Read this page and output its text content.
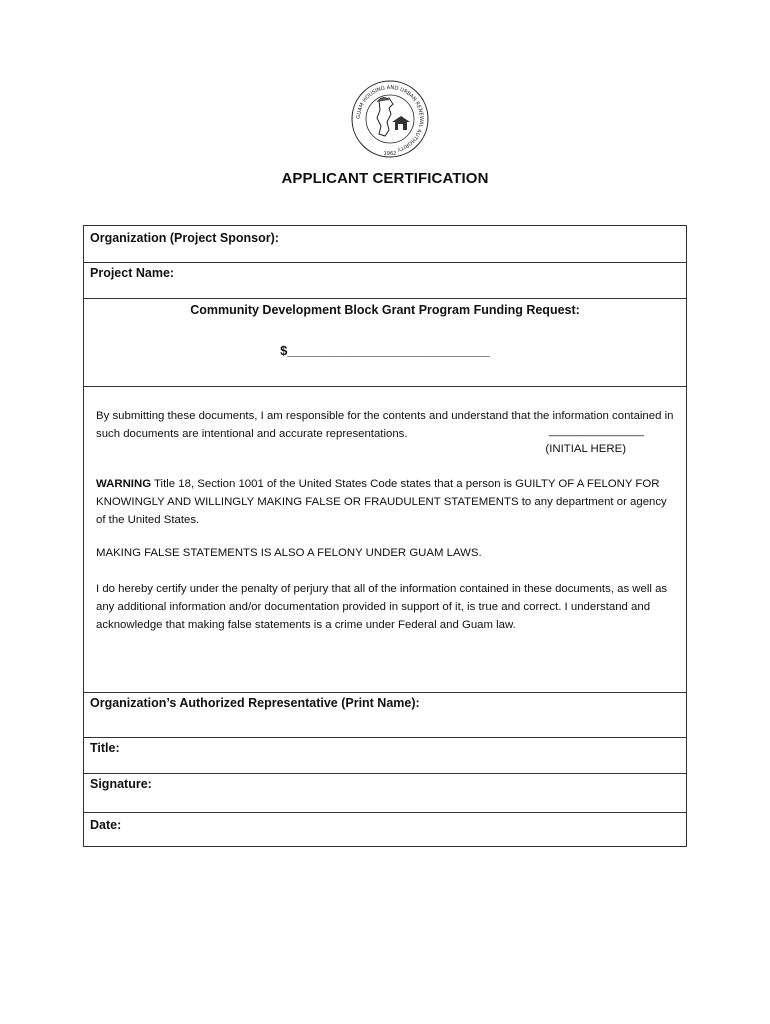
GUAM HOUSING AND URBAN RENEWAL AUTHORITY
1962
APPLICANT CERTIFICATION
Organization (Project Sponsor):
Project Name:
Community Development Block Grant Program Funding Request:
$____________________________
By submitting these documents, I am responsible for the contents and understand that the information contained in such documents are intentional and accurate representations.	_______________
(INITIAL HERE)
WARNING Title 18, Section 1001 of the United States Code states that a person is GUILTY OF A FELONY FOR KNOWINGLY AND WILLINGLY MAKING FALSE OR FRAUDULENT STATEMENTS to any department or agency of the United States.
MAKING FALSE STATEMENTS IS ALSO A FELONY UNDER GUAM LAWS.
I do hereby certify under the penalty of perjury that all of the information contained in these documents, as well as any additional information and/or documentation provided in support of it, is true and correct. I understand and acknowledge that making false statements is a crime under Federal and Guam law.
Organization’s Authorized Representative (Print Name):
Title:
Signature:
Date:
